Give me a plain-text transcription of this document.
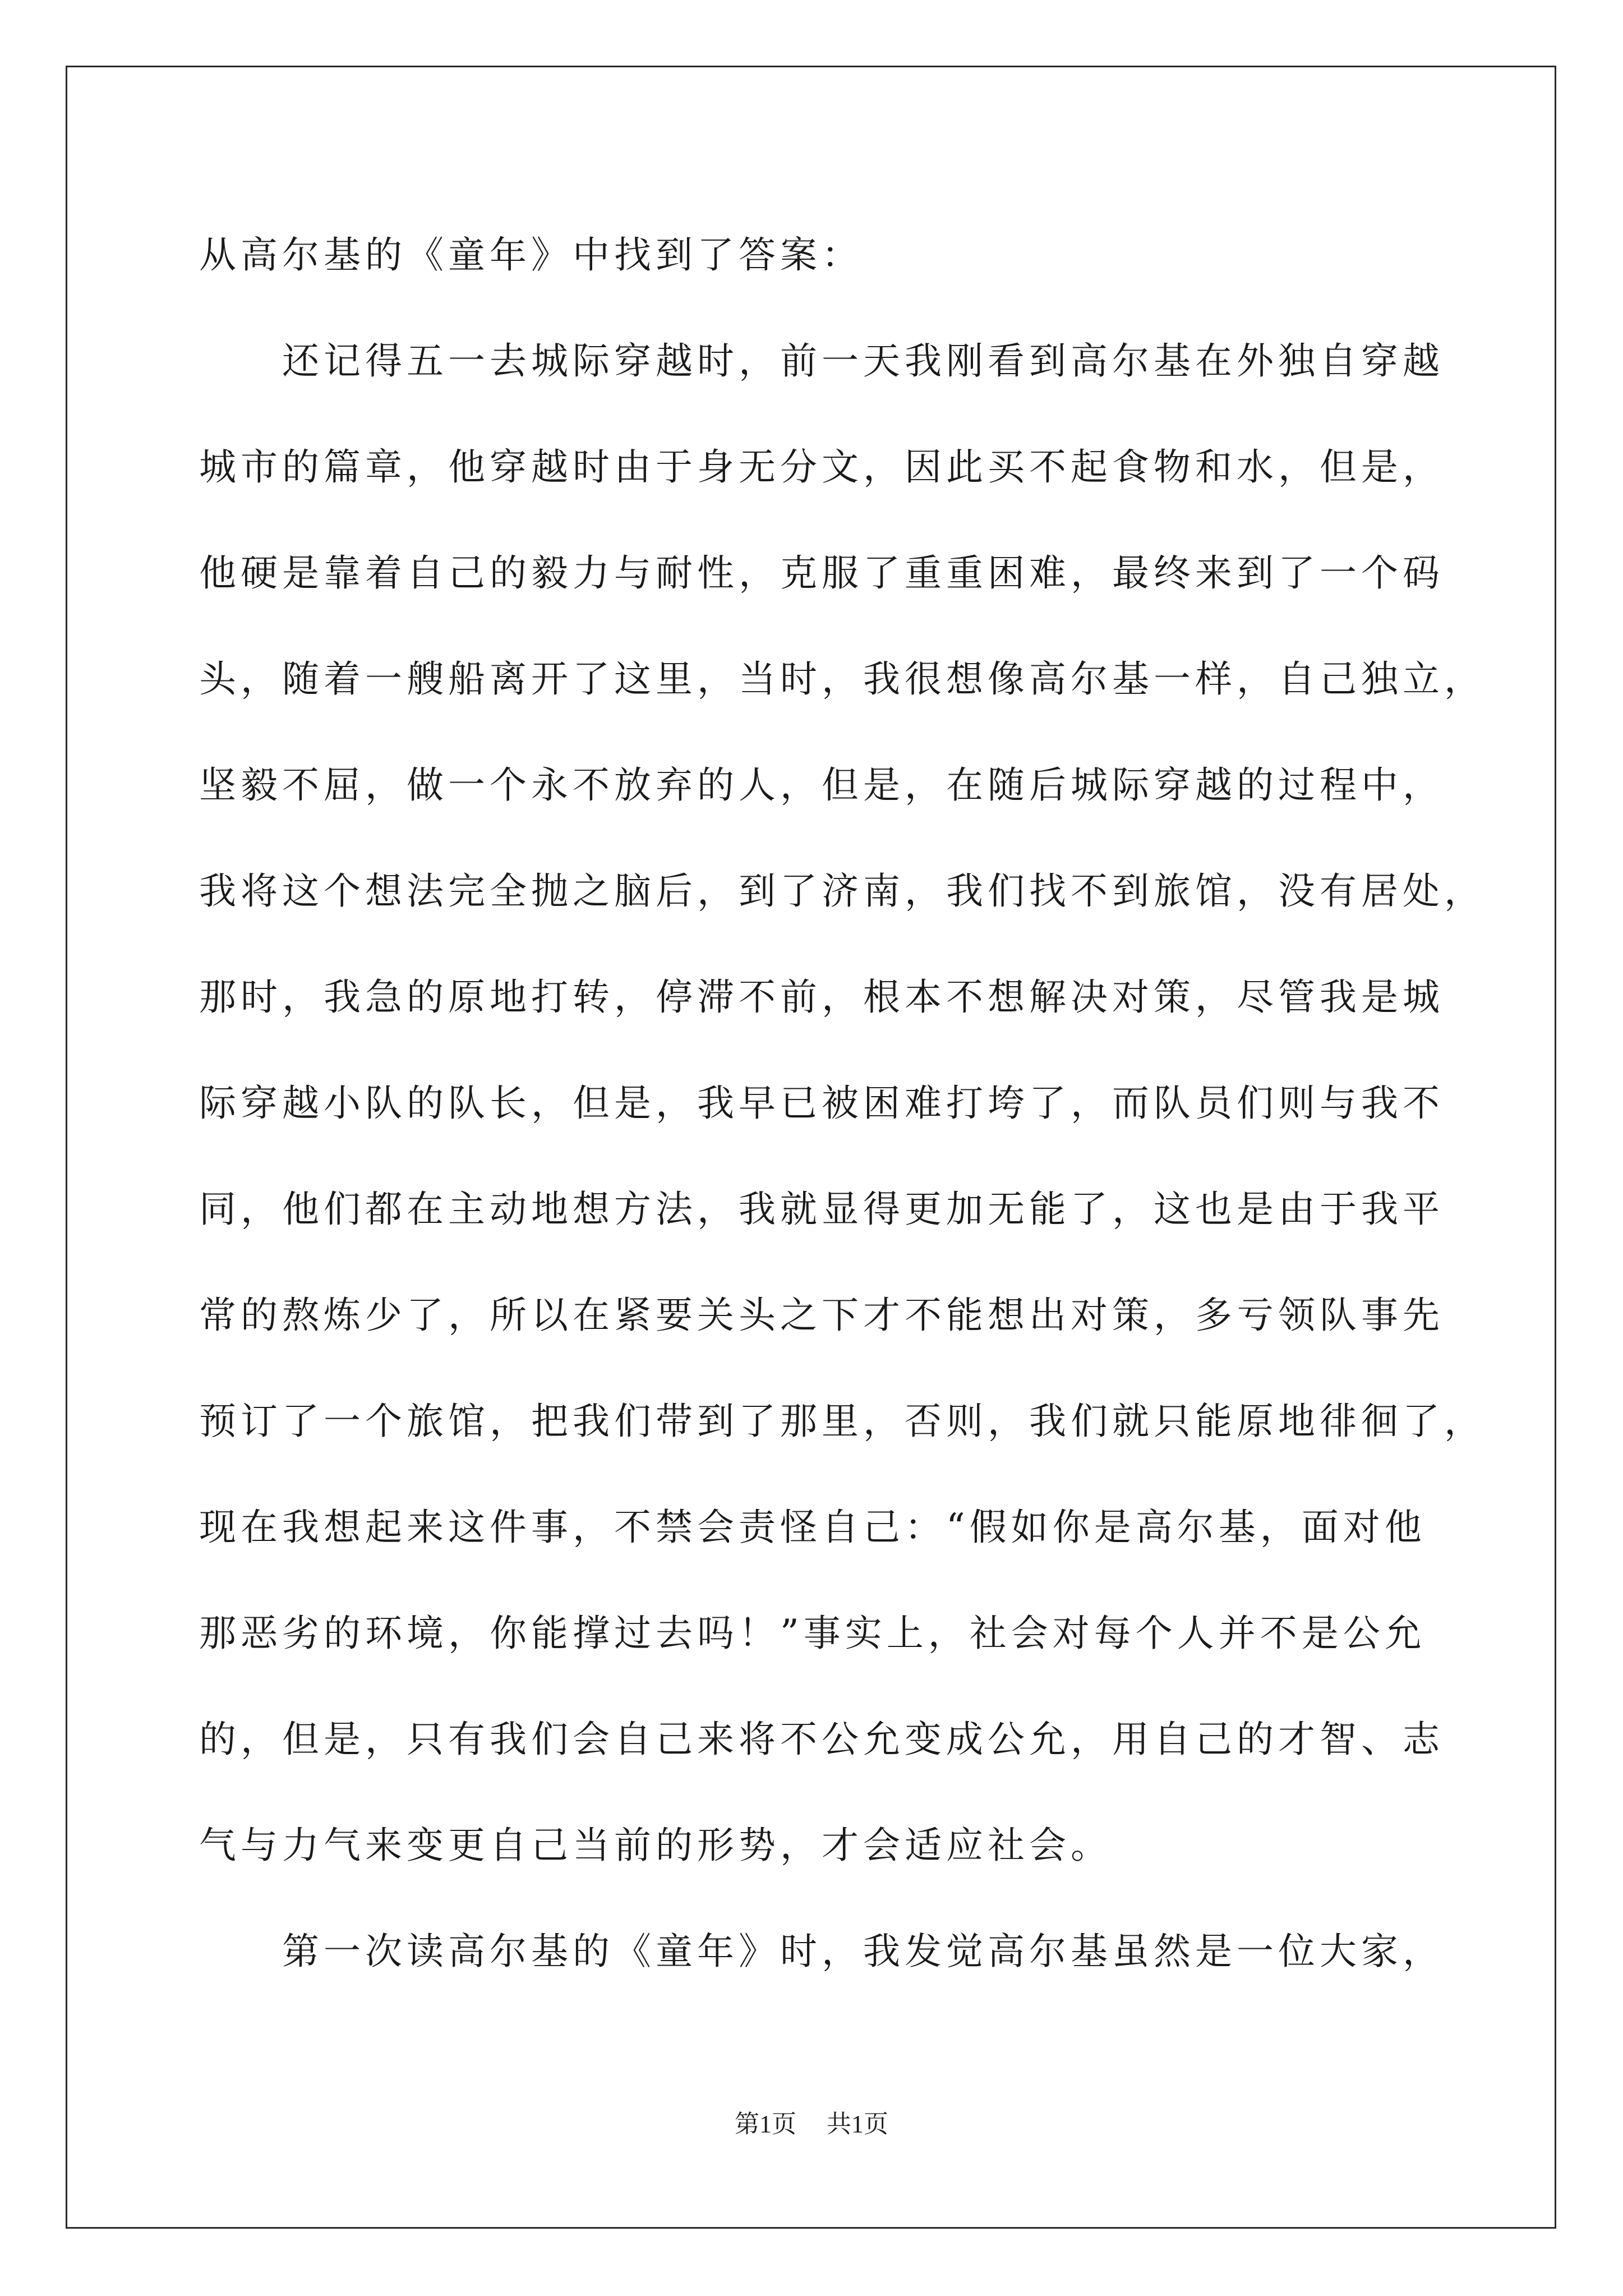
从高尔基的《童年》中找到了答案：
还记得五一去城际穿越时，前一天我刚看到高尔基在外独自穿越
城市的篇章，他穿越时由于身无分文，因此买不起食物和水，但是，
他硬是靠着自己的毅力与耐性，克服了重重困难，最终来到了一个码
头，随着一艘船离开了这里，当时，我很想像高尔基一样，自己独立，
坚毅不屈，做一个永不放弃的人，但是，在随后城际穿越的过程中，
我将这个想法完全抛之脑后，到了济南，我们找不到旅馆，没有居处，
那时，我急的原地打转，停滞不前，根本不想解决对策，尽管我是城
际穿越小队的队长，但是，我早已被困难打垮了，而队员们则与我不
同，他们都在主动地想方法，我就显得更加无能了，这也是由于我平
常的熬炼少了，所以在紧要关头之下才不能想出对策，多亏领队事先
预订了一个旅馆，把我们带到了那里，否则，我们就只能原地徘徊了，
现在我想起来这件事，不禁会责怪自己：“假如你是高尔基，面对他
那恶劣的环境，你能撑过去吗！”事实上，社会对每个人并不是公允
的，但是，只有我们会自己来将不公允变成公允，用自己的才智、志
气与力气来变更自己当前的形势，才会适应社会。
第一次读高尔基的《童年》时，我发觉高尔基虽然是一位大家，
第1页 共1页
